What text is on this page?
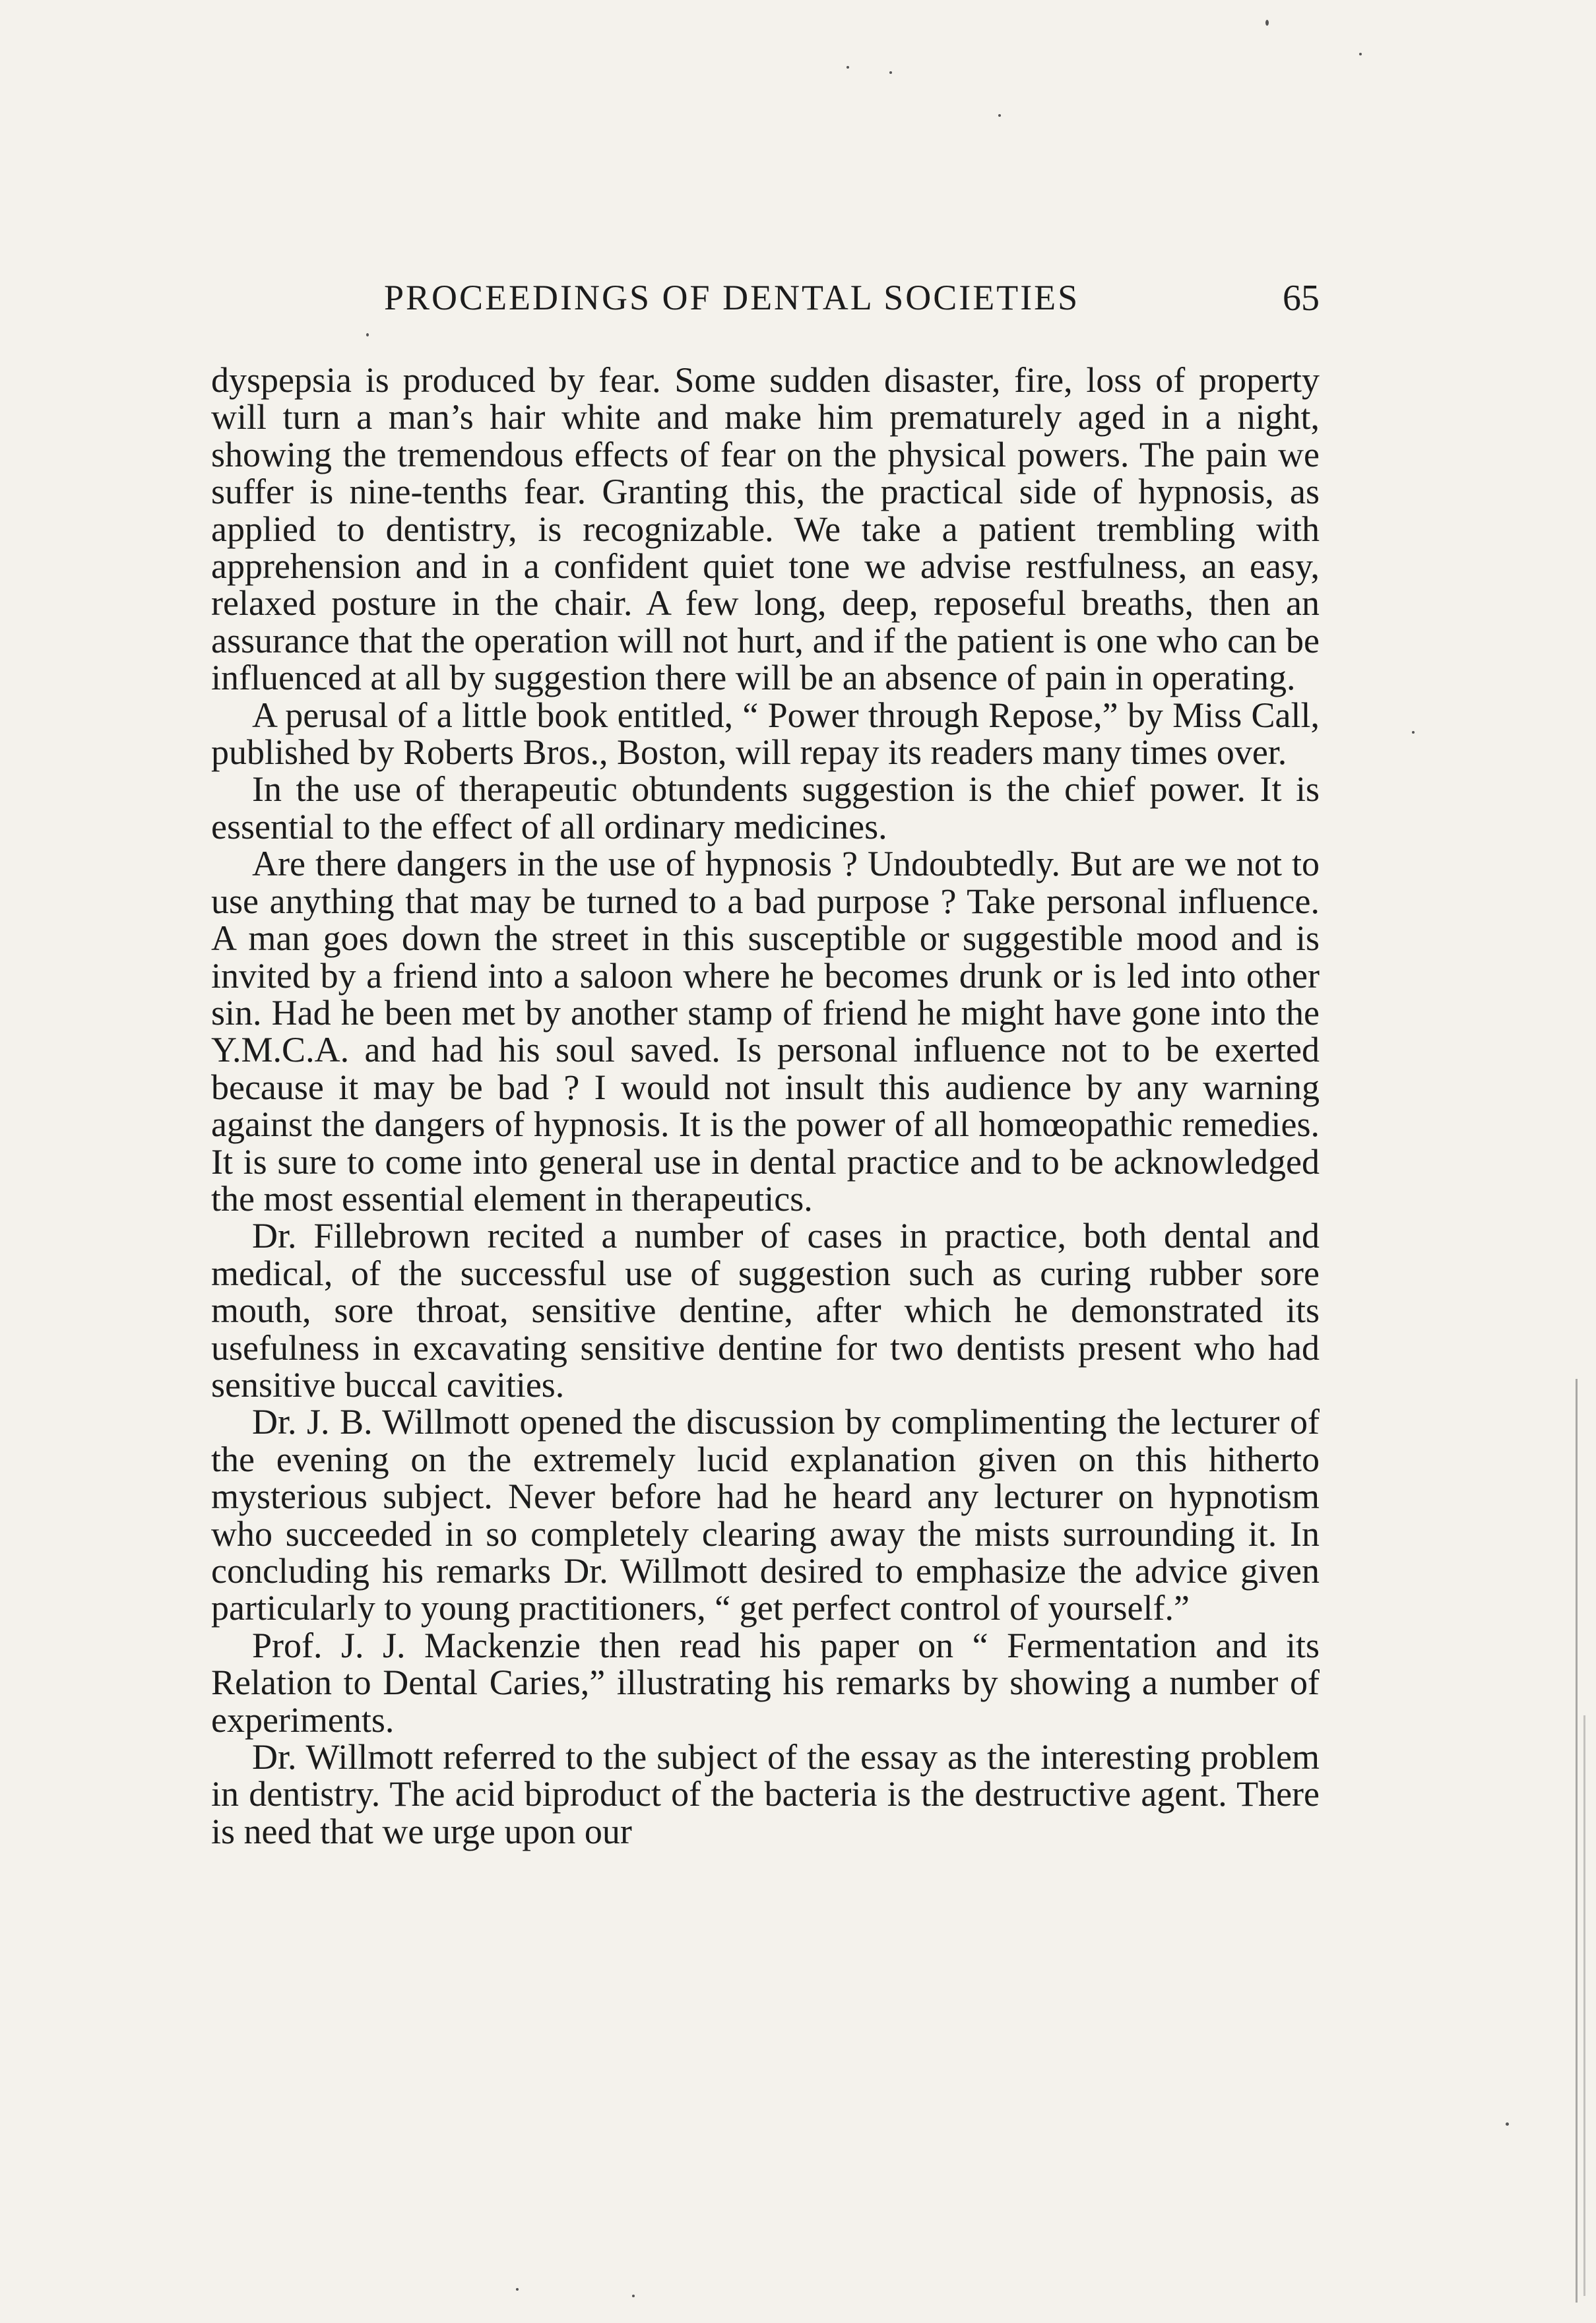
PROCEEDINGS OF DENTAL SOCIETIES	65

dyspepsia is produced by fear. Some sudden disaster, fire, loss of property will turn a man’s hair white and make him prematurely aged in a night, showing the tremendous effects of fear on the physical powers. The pain we suffer is nine-tenths fear. Granting this, the practical side of hypnosis, as applied to dentistry, is recognizable. We take a patient trembling with apprehension and in a confident quiet tone we advise restfulness, an easy, relaxed posture in the chair. A few long, deep, reposeful breaths, then an assurance that the operation will not hurt, and if the patient is one who can be influenced at all by suggestion there will be an absence of pain in operating.

A perusal of a little book entitled, “ Power through Repose,” by Miss Call, published by Roberts Bros., Boston, will repay its readers many times over.

In the use of therapeutic obtundents suggestion is the chief power. It is essential to the effect of all ordinary medicines.

Are there dangers in the use of hypnosis ? Undoubtedly. But are we not to use anything that may be turned to a bad purpose ? Take personal influence. A man goes down the street in this susceptible or suggestible mood and is invited by a friend into a saloon where he becomes drunk or is led into other sin. Had he been met by another stamp of friend he might have gone into the Y.M.C.A. and had his soul saved. Is personal influence not to be exerted because it may be bad ? I would not insult this audience by any warning against the dangers of hypnosis. It is the power of all homœopathic remedies. It is sure to come into general use in dental practice and to be acknowledged the most essential element in therapeutics.

Dr. Fillebrown recited a number of cases in practice, both dental and medical, of the successful use of suggestion such as curing rubber sore mouth, sore throat, sensitive dentine, after which he demonstrated its usefulness in excavating sensitive dentine for two dentists present who had sensitive buccal cavities.

Dr. J. B. Willmott opened the discussion by complimenting the lecturer of the evening on the extremely lucid explanation given on this hitherto mysterious subject. Never before had he heard any lecturer on hypnotism who succeeded in so completely clearing away the mists surrounding it. In concluding his remarks Dr. Willmott desired to emphasize the advice given particularly to young practitioners, “ get perfect control of yourself.”

Prof. J. J. Mackenzie then read his paper on “ Fermentation and its Relation to Dental Caries,” illustrating his remarks by showing a number of experiments.

Dr. Willmott referred to the subject of the essay as the interesting problem in dentistry. The acid biproduct of the bacteria is the destructive agent. There is need that we urge upon our
